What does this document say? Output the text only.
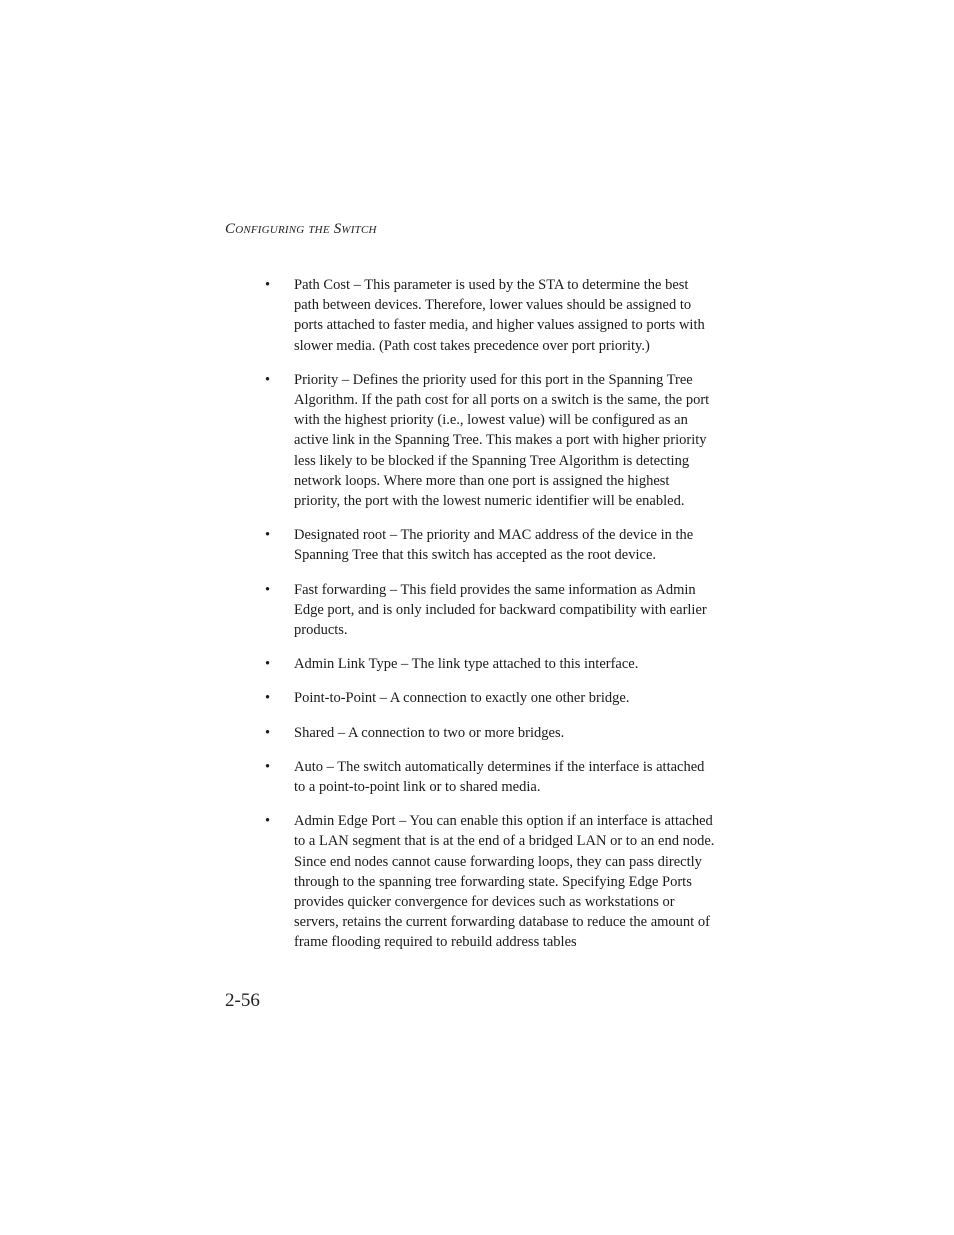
Configuring the Switch
•	Path Cost – This parameter is used by the STA to determine the best path between devices. Therefore, lower values should be assigned to ports attached to faster media, and higher values assigned to ports with slower media. (Path cost takes precedence over port priority.)
•	Priority – Defines the priority used for this port in the Spanning Tree Algorithm. If the path cost for all ports on a switch is the same, the port with the highest priority (i.e., lowest value) will be configured as an active link in the Spanning Tree. This makes a port with higher priority less likely to be blocked if the Spanning Tree Algorithm is detecting network loops. Where more than one port is assigned the highest priority, the port with the lowest numeric identifier will be enabled.
•	Designated root – The priority and MAC address of the device in the Spanning Tree that this switch has accepted as the root device.
•	Fast forwarding – This field provides the same information as Admin Edge port, and is only included for backward compatibility with earlier products.
•	Admin Link Type – The link type attached to this interface.
•	Point-to-Point – A connection to exactly one other bridge.
•	Shared – A connection to two or more bridges.
•	Auto – The switch automatically determines if the interface is attached to a point-to-point link or to shared media.
•	Admin Edge Port – You can enable this option if an interface is attached to a LAN segment that is at the end of a bridged LAN or to an end node. Since end nodes cannot cause forwarding loops, they can pass directly through to the spanning tree forwarding state. Specifying Edge Ports provides quicker convergence for devices such as workstations or servers, retains the current forwarding database to reduce the amount of frame flooding required to rebuild address tables
2-56
